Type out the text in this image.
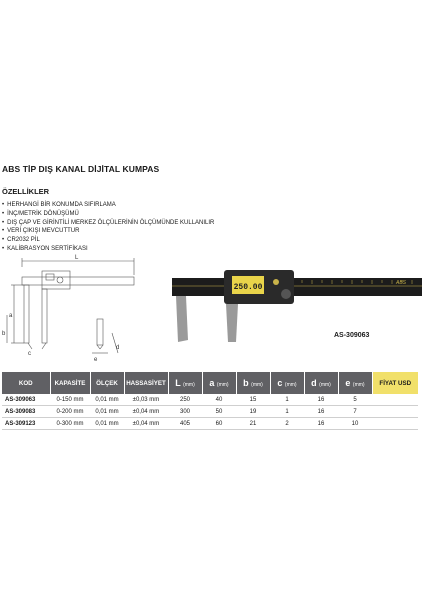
ABS TİP DIŞ KANAL DİJİTAL KUMPAS
ÖZELLİKLER
• HERHANGİ BİR KONUMDA SIFIRLAMA
• İNÇ/METRİK DÖNÜŞÜMÜ
• DIŞ ÇAP VE GİRİNTİLİ MERKEZ ÖLÇÜLERİNİN ÖLÇÜMÜNDE KULLANILIR
• VERİ ÇIKIŞI MEVCUTTUR
• CR2032 PİL
• KALİBRASYON SERTİFİKASI
L
a
b
c
e
d
250.00	ABS
AS-309063
KOD	KAPASİTE	ÖLÇEK	HASSASİYET	L (mm)	a (mm)	b (mm)	c (mm)	d (mm)	e (mm)	FİYAT USD
AS-309063	0-150 mm	0,01 mm	±0,03 mm	250	40	15	1	16	5	
AS-309083	0-200 mm	0,01 mm	±0,04 mm	300	50	19	1	16	7	
AS-309123	0-300 mm	0,01 mm	±0,04 mm	405	60	21	2	16	10	
